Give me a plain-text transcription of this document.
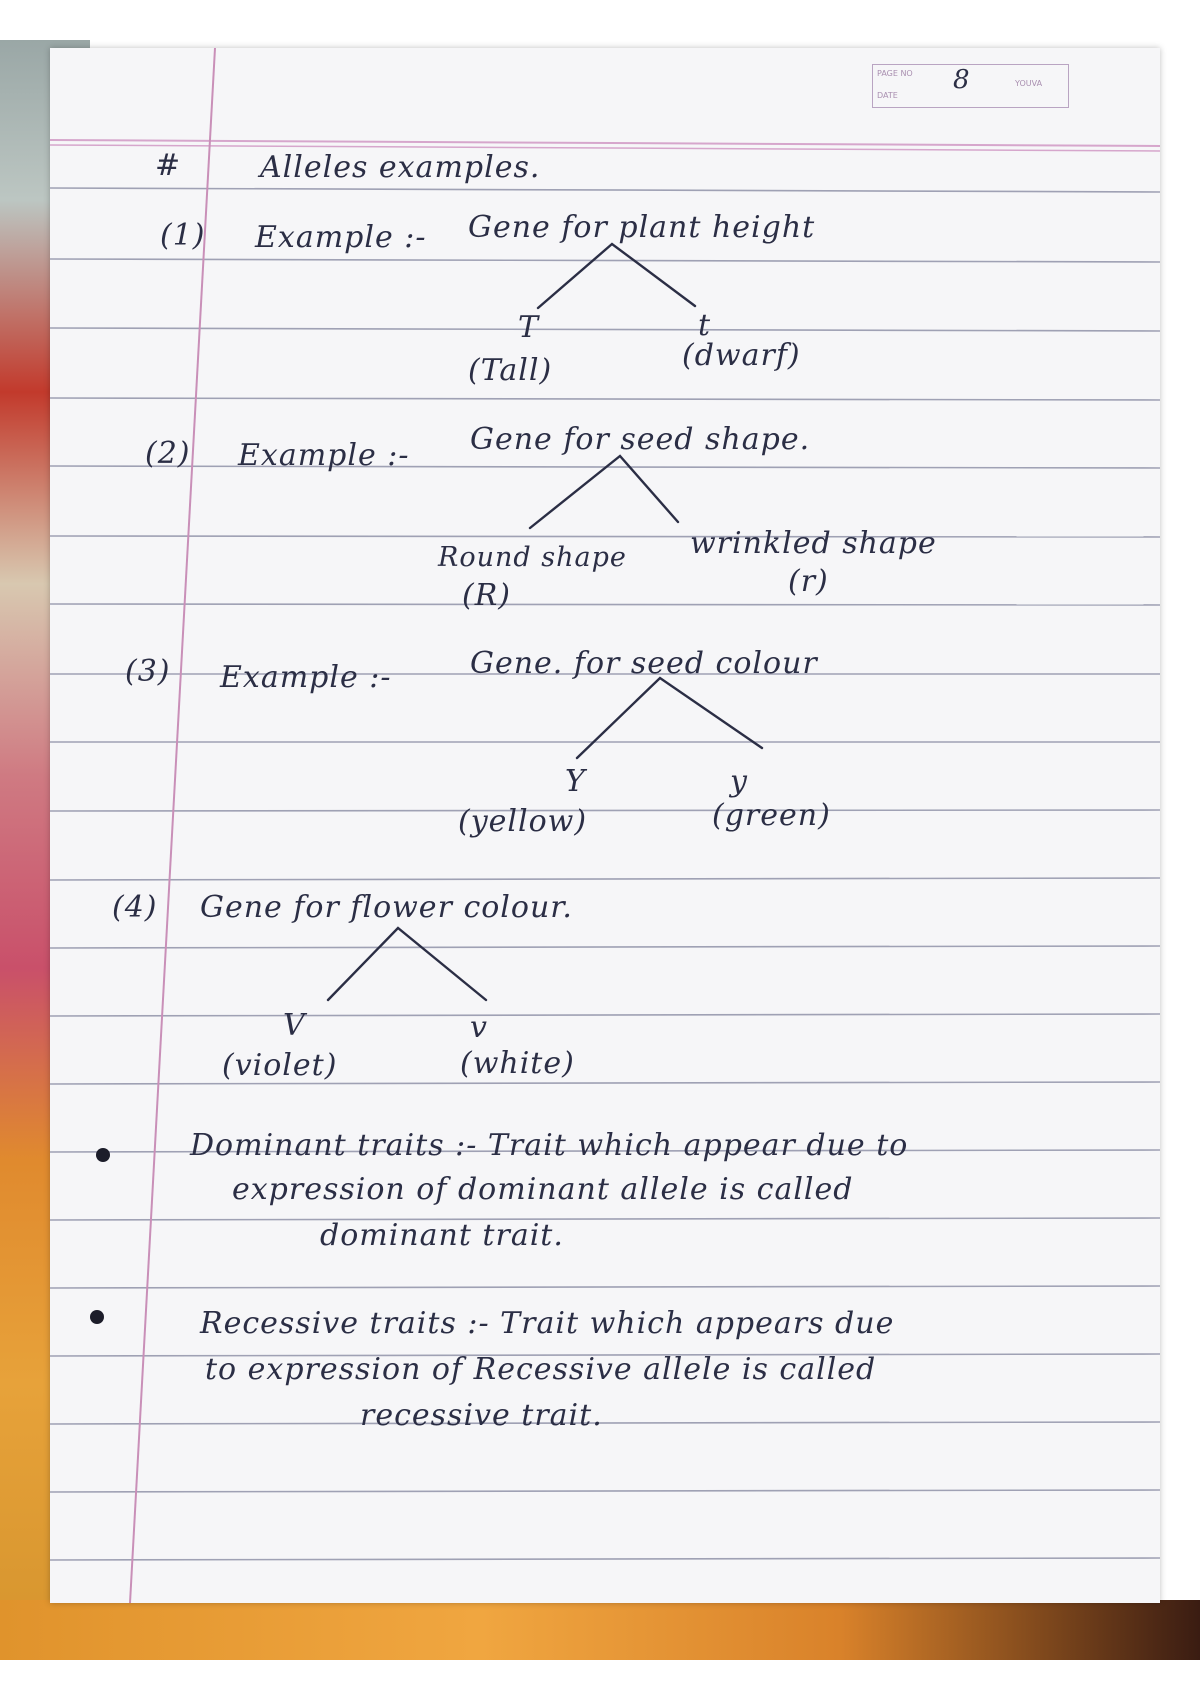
PAGE NO
DATE
YOUVA
8
#	Alleles examples.
(1) Example :- Gene for plant height
T
(Tall)
t
(dwarf)
(2) Example :- Gene for seed shape.
Round shape
(R)
wrinkled shape
(r)
(3) Example :-	Gene. for seed colour
Y
(yellow)
y
(green)
(4) Gene for flower colour.
V
(violet)
v
(white)
Dominant traits :- Trait which appear due to
expression of dominant allele is called
dominant trait.
Recessive traits :- Trait which appears due
to expression of Recessive allele is called
recessive trait.
